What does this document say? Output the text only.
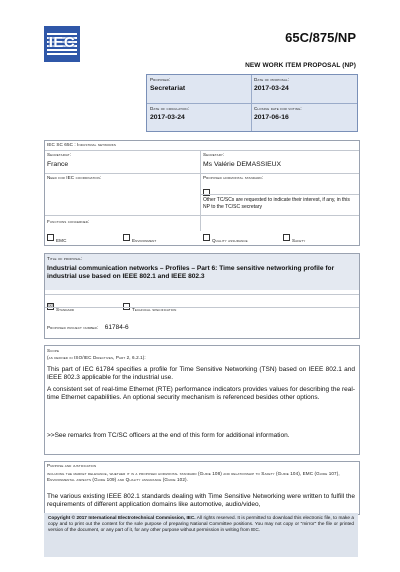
IEC	65C/875/NP
NEW WORK ITEM PROPOSAL (NP)
Proposer:
Secretariat
Date of proposal:
2017-03-24
Date of circulation:
2017-03-24
Closing date for voting:
2017-06-16
IEC SC 65C : Industrial networks
Secretariat:
France
Secretary:
Ms Valérie DEMASSIEUX
Need for IEC coordination:	Proposed horizontal standard:
Other TC/SCs are requested to indicate their interest, if any, in this NP to the TC/SC secretary
Functions concerned:
EMC	Environment	Quality assurance	Safety
Title of proposal:
Industrial communication networks – Profiles – Part 6: Time sensitive networking profile for industrial use based on IEEE 802.1 and IEEE 802.3
☒Standard	Technical specification
Proposed project number: 61784-6
Scope
(as defined in ISO/IEC Directives, Part 2, 6.2.1):
This part of IEC 61784 specifies a profile for Time Sensitive Networking (TSN) based on IEEE 802.1 and IEEE 802.3 applicable for the industrial use.
A consistent set of real-time Ethernet (RTE) performance indicators provides values for describing the real-time Ethernet capabilities. An optional security mechanism is referenced besides other options.
>>See remarks from TC/SC officers at the end of this form for additional information.
Purpose and justification
including the market relevance, whether it is a proposed horizontal standard (Guide 108) and relationship to Safety (Guide 104), EMC (Guide 107), Environmental aspects (Guide 109) and Quality assurance (Guide 102).
The various existing IEEE 802.1 standards dealing with Time Sensitive Networking were written to fulfill the requirements of different application domains like automotive, audio/video,
Copyright © 2017 International Electrotechnical Commission, IEC. All rights reserved. It is permitted to download this electronic file, to make a copy and to print out the content for the sole purpose of preparing National Committee positions. You may not copy or "mirror" the file or printed version of the document, or any part of it, for any other purpose without permission in writing from IEC.
